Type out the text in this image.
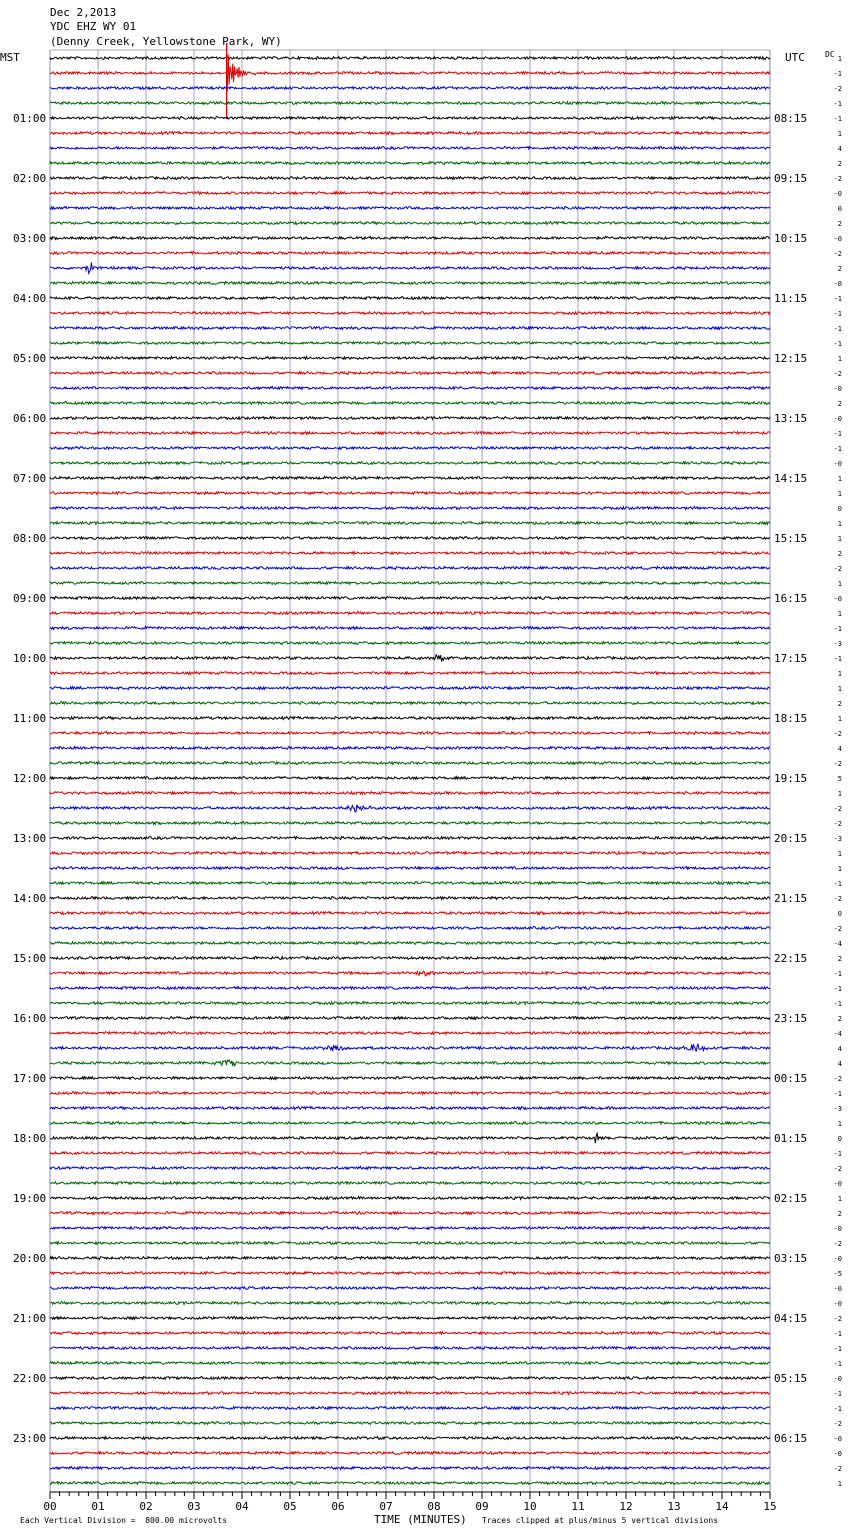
Dec 2,2013
YDC EHZ WY 01
(Denny Creek, Yellowstone Park, WY)
MST	UTC	DC
01:00	08:15
02:00	09:15
03:00	10:15
04:00	11:15
05:00	12:15
06:00	13:15
07:00	14:15
08:00	15:15
09:00	16:15
10:00	17:15
11:00	18:15
12:00	19:15
13:00	20:15
14:00	21:15
15:00	22:15
16:00	23:15
17:00	00:15
18:00	01:15
19:00	02:15
20:00	03:15
21:00	04:15
22:00	05:15
23:00	06:15
1
-1
-2
-1
-1
1
4
2
-2
-0
0
2
-0
-2
2
-0
-1
-1
-1
-1
1
-2
-0
2
-0
-1
-1
-0
1
1
0
1
1
2
-2
1
-0
1
-1
-3
-1
1
1
2
1
-2
4
-2
5
1
-2
-2
-3
1
1
-1
-2
0
-2
-4
2
-1
-1
-1
2
-4
4
4
-2
-1
-3
1
0
-1
-2
-0
1
2
-0
-2
-0
-5
-0
-0
-2
-1
-1
-1
-0
-1
-1
-2
-0
-0
-2
1
00	01	02	03	04	05	06	07	08	09	10	11	12	13	14	15
Each Vertical Division =  800.00 microvolts	TIME (MINUTES) Traces clipped at plus/minus 5 vertical divisions
